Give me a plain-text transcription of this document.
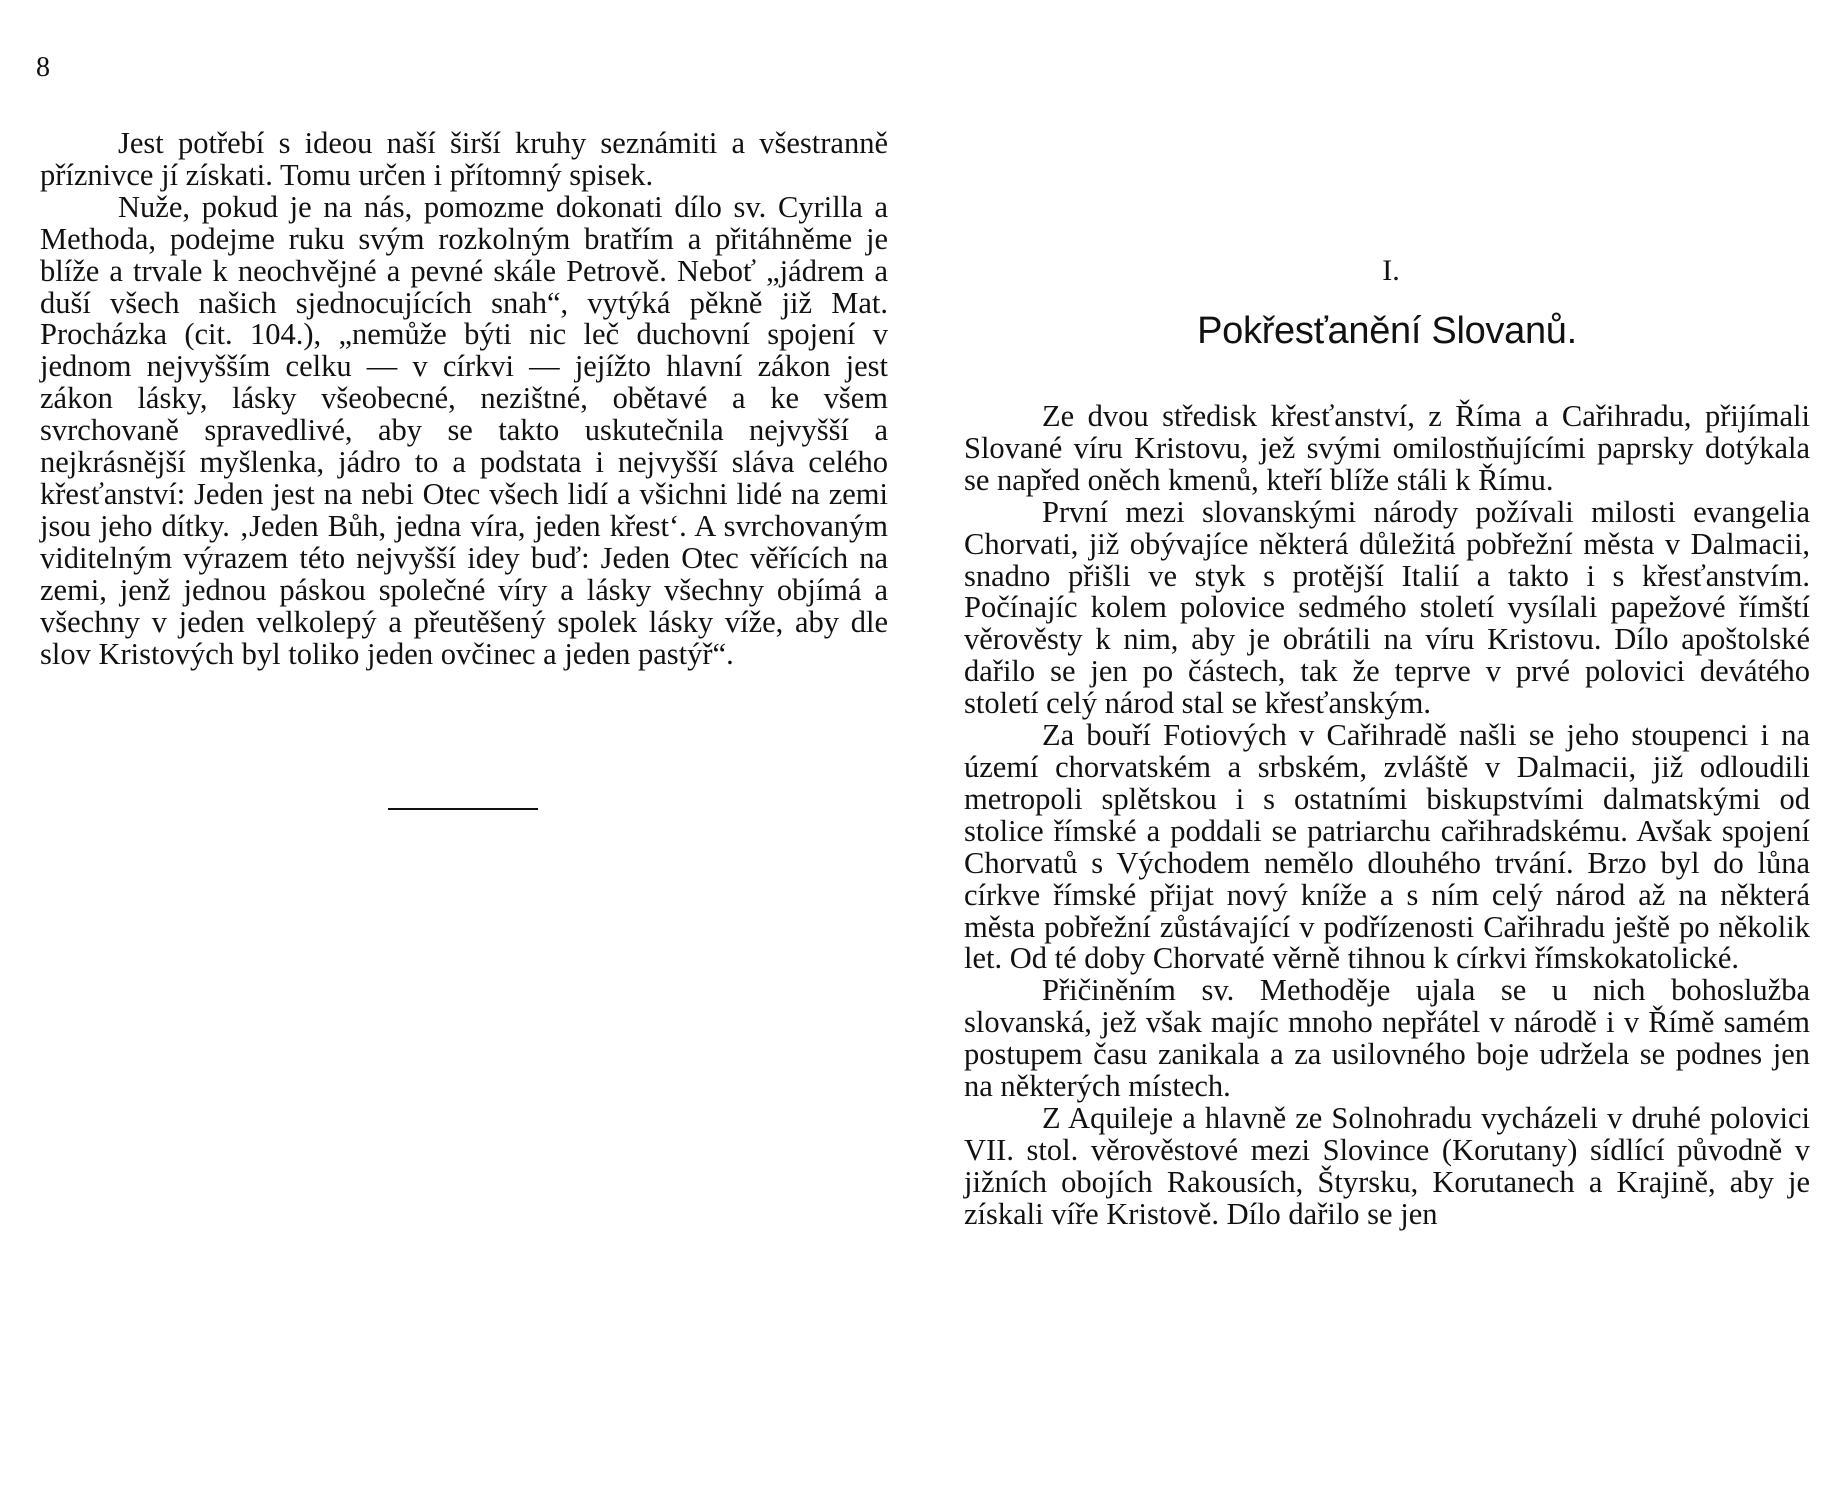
8

Jest potřebí s ideou naší širší kruhy seznámiti a všestranně příznivce jí získati. Tomu určen i přítomný spisek.

Nuže, pokud je na nás, pomozme dokonati dílo sv. Cyrilla a Methoda, podejme ruku svým rozkolným bratřím a přitáhněme je blíže a trvale k neochvějné a pevné skále Petrově. Neboť „jádrem a duší všech našich sjednocujících snah“, vytýká pěkně již Mat. Procházka (cit. 104.), „nemůže býti nic leč duchovní spojení v jednom nejvyšším celku — v církvi — jejížto hlavní zákon jest zákon lásky, lásky všeobecné, nezištné, obětavé a ke všem svrchovaně spravedlivé, aby se takto uskutečnila nejvyšší a nejkrásnější myšlenka, jádro to a podstata i nejvyšší sláva celého křesťanství: Jeden jest na nebi Otec všech lidí a všichni lidé na zemi jsou jeho dítky. ‚Jeden Bůh, jedna víra, jeden křest‘. A svrchovaným viditelným výrazem této nejvyšší idey buď: Jeden Otec věřících na zemi, jenž jednou páskou společné víry a lásky všechny objímá a všechny v jeden velkolepý a přeutěšený spolek lásky víže, aby dle slov Kristových byl toliko jeden ovčinec a jeden pastýř“.

I.
Pokřesťanění Slovanů.

Ze dvou středisk křesťanství, z Říma a Cařihradu, přijímali Slované víru Kristovu, jež svými omilostňujícími paprsky dotýkala se napřed oněch kmenů, kteří blíže stáli k Římu.

První mezi slovanskými národy požívali milosti evangelia Chorvati, již obývajíce některá důležitá pobřežní města v Dalmacii, snadno přišli ve styk s protější Italií a takto i s křesťanstvím. Počínajíc kolem polovice sedmého století vysílali papežové římští věrověsty k nim, aby je obrátili na víru Kristovu. Dílo apoštolské dařilo se jen po částech, tak že teprve v prvé polovici devátého století celý národ stal se křesťanským.

Za bouří Fotiových v Cařihradě našli se jeho stoupenci i na území chorvatském a srbském, zvláště v Dalmacii, již odloudili metropoli splětskou i s ostatními biskupstvími dalmatskými od stolice římské a poddali se patriarchu cařihradskému. Avšak spojení Chorvatů s Východem nemělo dlouhého trvání. Brzo byl do lůna církve římské přijat nový kníže a s ním celý národ až na některá města pobřežní zůstávající v podřízenosti Cařihradu ještě po několik let. Od té doby Chorvaté věrně tihnou k církvi římskokatolické.

Přičiněním sv. Methoděje ujala se u nich bohoslužba slovanská, jež však majíc mnoho nepřátel v národě i v Římě samém postupem času zanikala a za usilovného boje udržela se podnes jen na některých místech.

Z Aquileje a hlavně ze Solnohradu vycházeli v druhé polovici VII. stol. věrověstové mezi Slovince (Korutany) sídlící původně v jižních obojích Rakousích, Štyrsku, Korutanech a Krajině, aby je získali víře Kristově. Dílo dařilo se jen
